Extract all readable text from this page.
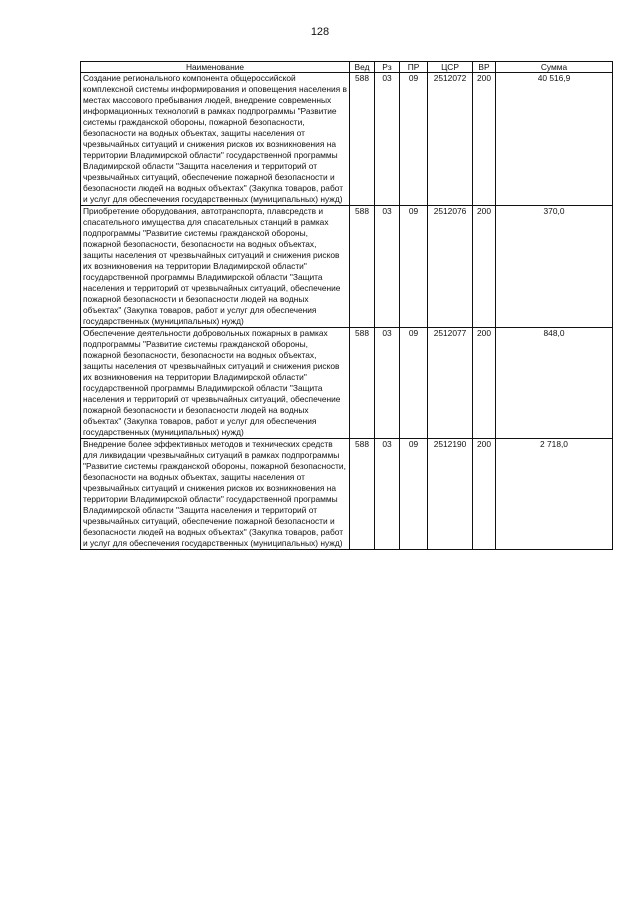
128
Наименование	Вед	Рз	ПР	ЦСР	ВР	Сумма
Создание регионального компонента общероссийской комплексной системы информирования и оповещения населения в местах массового пребывания людей, внедрение современных информационных технологий в рамках подпрограммы "Развитие системы гражданской обороны, пожарной безопасности, безопасности на водных объектах, защиты населения от чрезвычайных ситуаций и снижения рисков их возникновения на территории Владимирской области" государственной программы Владимирской области "Защита населения и территорий от чрезвычайных ситуаций, обеспечение пожарной безопасности и безопасности людей на водных объектах" (Закупка товаров, работ и услуг для обеспечения государственных (муниципальных) нужд)	588	03	09	2512072	200	40 516,9
Приобретение оборудования, автотранспорта, плавсредств и спасательного имущества для спасательных станций в рамках подпрограммы "Развитие системы гражданской обороны, пожарной безопасности, безопасности на водных объектах, защиты населения от чрезвычайных ситуаций и снижения рисков их возникновения на территории Владимирской области" государственной программы Владимирской области "Защита населения и территорий от чрезвычайных ситуаций, обеспечение пожарной безопасности и безопасности людей на водных объектах" (Закупка товаров, работ и услуг для обеспечения государственных (муниципальных) нужд)	588	03	09	2512076	200	370,0
Обеспечение деятельности добровольных пожарных в рамках подпрограммы "Развитие системы гражданской обороны, пожарной безопасности, безопасности на водных объектах, защиты населения от чрезвычайных ситуаций и снижения рисков их возникновения на территории Владимирской области" государственной программы Владимирской области "Защита населения и территорий от чрезвычайных ситуаций, обеспечение пожарной безопасности и безопасности людей на водных объектах" (Закупка товаров, работ и услуг для обеспечения государственных (муниципальных) нужд)	588	03	09	2512077	200	848,0
Внедрение более эффективных методов и технических средств для ликвидации чрезвычайных ситуаций в рамках подпрограммы "Развитие системы гражданской обороны, пожарной безопасности, безопасности на водных объектах, защиты населения от чрезвычайных ситуаций и снижения рисков их возникновения на территории Владимирской области" государственной программы Владимирской области "Защита населения и территорий от чрезвычайных ситуаций, обеспечение пожарной безопасности и безопасности людей на водных объектах" (Закупка товаров, работ и услуг для обеспечения государственных (муниципальных) нужд)	588	03	09	2512190	200	2 718,0
